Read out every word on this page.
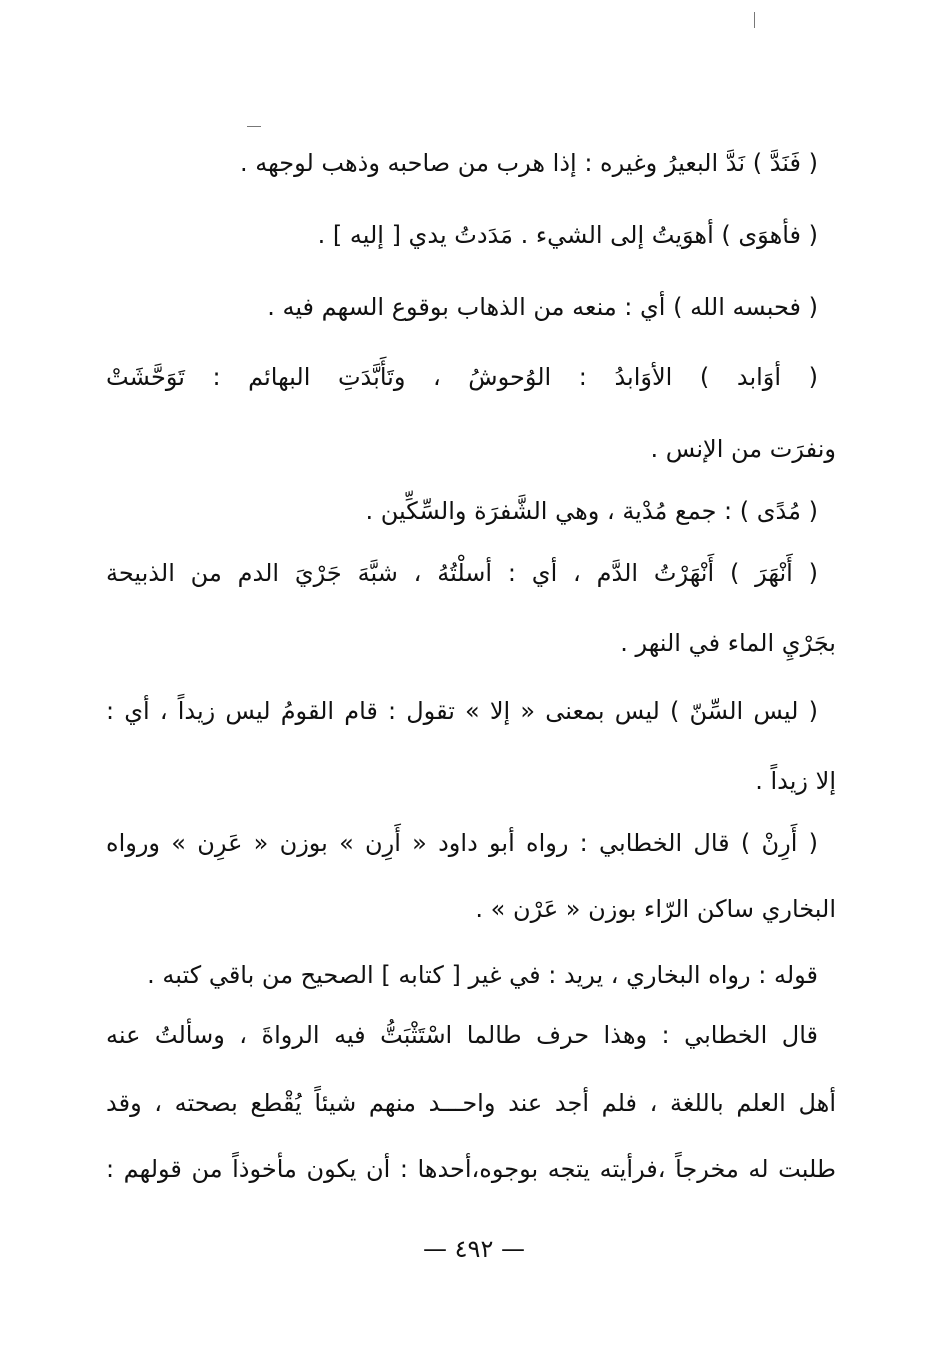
( فَنَدَّ ) نَدَّ البعيرُ وغيره : إذا هرب من صاحبه وذهب لوجهه .
( فأهوَى ) أهوَيتُ إلى الشيء . مَدَدتُ يدي [ إليه ] .
( فحبسه الله ) أي : منعه من الذهاب بوقوع السهم فيه .
( أوَابد ) الأوَابدُ : الوُحوشُ ، وتَأَبَّدَتِ البهائم : تَوَحَّشَتْ
ونفرَت من الإنس .
( مُدًى ) : جمع مُدْية ، وهي الشَّفرَة والسِّكِّين .
( أَنْهَرَ ) أَنْهَرْتُ الدَّم ، أي : أسلْتُهُ ، شبَّهَ جَرْيَ الدم من الذبيحة
بجَرْيِ الماء في النهر .
( ليس السِّنّ ) ليس بمعنى « إلا » تقول : قام القومُ ليس زيداً ، أي :
إلا زيداً .
( أَرِنْ ) قال الخطابي : رواه أبو داود « أَرِن » بوزن « عَرِن » ورواه
البخاري ساكن الرّاء بوزن « عَرْن » .
قوله : رواه البخاري ، يريد : في غير [ كتابه ] الصحيح من باقي كتبه .
قال الخطابي : وهذا حرف طالما اسْتَثْبَتُّ فيه الرواةَ ، وسألتُ عنه
أهل العلم باللغة ، فلم أجد عند واحـــد منهم شيئاً يُقْطع بصحته ، وقد
طلبت له مخرجاً ،فرأيته يتجه بوجوه،أحدها : أن يكون مأخوذاً من قولهم :
— ٤٩٢ —
